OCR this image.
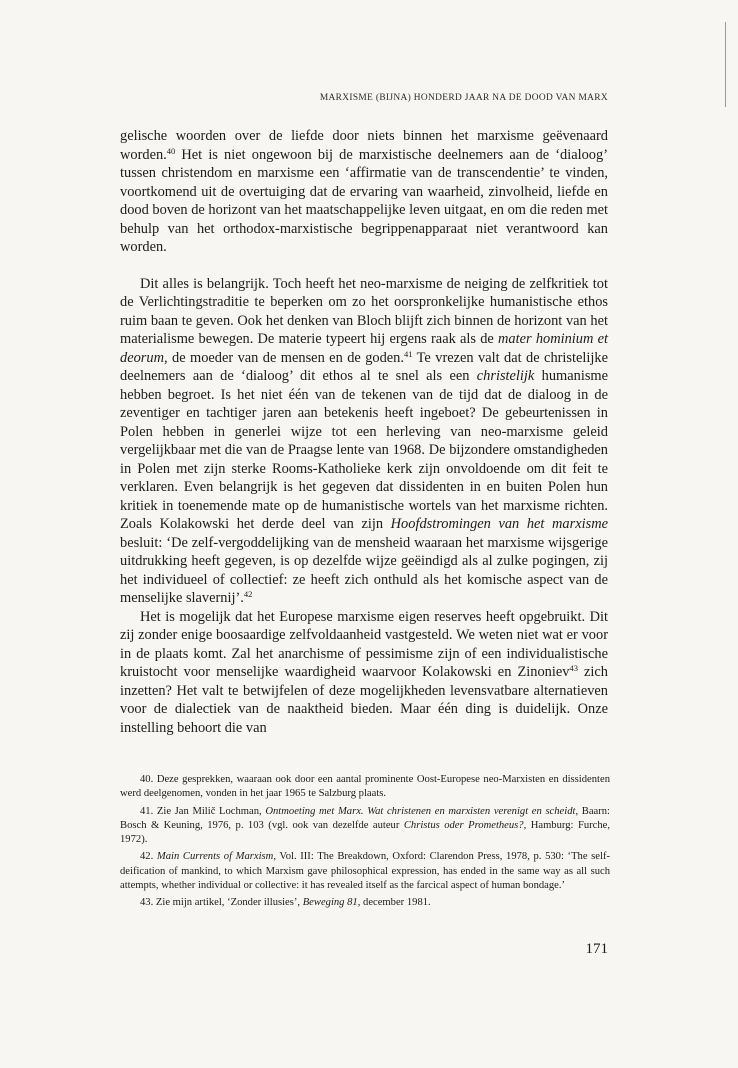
MARXISME (BIJNA) HONDERD JAAR NA DE DOOD VAN MARX

gelische woorden over de liefde door niets binnen het marxisme geëvenaard worden.$^{40}$ Het is niet ongewoon bij de marxistische deelnemers aan de ‘dialoog’ tussen christendom en marxisme een ‘affirmatie van de transcendentie’ te vinden, voortkomend uit de overtuiging dat de ervaring van waarheid, zinvolheid, liefde en dood boven de horizont van het maatschappelijke leven uitgaat, en om die reden met behulp van het orthodox-marxistische begrippenapparaat niet verantwoord kan worden.

Dit alles is belangrijk. Toch heeft het neo-marxisme de neiging de zelfkritiek tot de Verlichtingstraditie te beperken om zo het oorspronkelijke humanistische ethos ruim baan te geven. Ook het denken van Bloch blijft zich binnen de horizont van het materialisme bewegen. De materie typeert hij ergens raak als de mater hominium et deorum, de moeder van de mensen en de goden.$^{41}$ Te vrezen valt dat de christelijke deelnemers aan de ‘dialoog’ dit ethos al te snel als een christelijk humanisme hebben begroet. Is het niet één van de tekenen van de tijd dat de dialoog in de zeventiger en tachtiger jaren aan betekenis heeft ingeboet? De gebeurtenissen in Polen hebben in generlei wijze tot een herleving van neo-marxisme geleid vergelijkbaar met die van de Praagse lente van 1968. De bijzondere omstandigheden in Polen met zijn sterke Rooms-Katholieke kerk zijn onvoldoende om dit feit te verklaren. Even belangrijk is het gegeven dat dissidenten in en buiten Polen hun kritiek in toenemende mate op de humanistische wortels van het marxisme richten. Zoals Kolakowski het derde deel van zijn Hoofdstromingen van het marxisme besluit: ‘De zelf-vergoddelijking van de mensheid waaraan het marxisme wijsgerige uitdrukking heeft gegeven, is op dezelfde wijze geëindigd als al zulke pogingen, zij het individueel of collectief: ze heeft zich onthuld als het komische aspect van de menselijke slavernij’.$^{42}$

Het is mogelijk dat het Europese marxisme eigen reserves heeft opgebruikt. Dit zij zonder enige boosaardige zelfvoldaanheid vastgesteld. We weten niet wat er voor in de plaats komt. Zal het anarchisme of pessimisme zijn of een individualistische kruistocht voor menselijke waardigheid waarvoor Kolakowski en Zinoniev$^{43}$ zich inzetten? Het valt te betwijfelen of deze mogelijkheden levensvatbare alternatieven voor de dialectiek van de naaktheid bieden. Maar één ding is duidelijk. Onze instelling behoort die van

40. Deze gesprekken, waaraan ook door een aantal prominente Oost-Europese neo-Marxisten en dissidenten werd deelgenomen, vonden in het jaar 1965 te Salzburg plaats.

41. Zie Jan Milič Lochman, Ontmoeting met Marx. Wat christenen en marxisten verenigt en scheidt, Baarn: Bosch & Keuning, 1976, p. 103 (vgl. ook van dezelfde auteur Christus oder Prometheus?, Hamburg: Furche, 1972).

42. Main Currents of Marxism, Vol. III: The Breakdown, Oxford: Clarendon Press, 1978, p. 530: ‘The self-deification of mankind, to which Marxism gave philosophical expression, has ended in the same way as all such attempts, whether individual or collective: it has revealed itself as the farcical aspect of human bondage.’

43. Zie mijn artikel, ‘Zonder illusies’, Beweging 81, december 1981.

171
